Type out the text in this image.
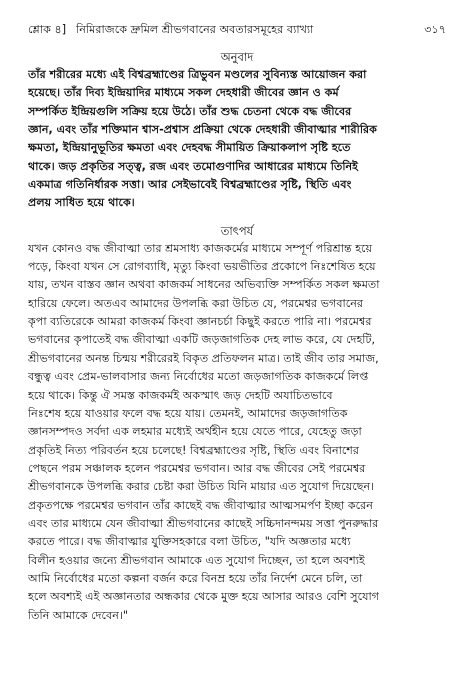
শ্লোক ৪] নিমিরাজকে দ্রুমিল শ্রীভগবানের অবতারসমূহের ব্যাখ্যা	৩১৭
অনুবাদ
তাঁর শরীরের মধ্যে এই বিশ্বব্রহ্মাণ্ডের ত্রিভুবন মণ্ডলের সুবিন্যস্ত আয়োজন করা
হয়েছে। তাঁর দিব্য ইন্দ্রিয়াদির মাধ্যমে সকল দেহধারী জীবের জ্ঞান ও কর্ম
সম্পর্কিত ইন্দ্রিয়গুলি সক্রিয় হয়ে উঠে। তাঁর শুদ্ধ চেতনা থেকে বদ্ধ জীবের
জ্ঞান, এবং তাঁর শক্তিমান শ্বাস-প্রশ্বাস প্রক্রিয়া থেকে দেহধারী জীবাত্মার শারীরিক
ক্ষমতা, ইন্দ্রিয়ানুভূতির ক্ষমতা এবং দেহবদ্ধ সীমায়িত ক্রিয়াকলাপ সৃষ্টি হতে
থাকে। জড় প্রকৃতির সত্ত্ব, রজ এবং তমোগুণাদির আধারের মাধ্যমে তিনিই
একমাত্র গতিনির্ধারক সত্তা। আর সেইভাবেই বিশ্বব্রহ্মাণ্ডের সৃষ্টি, স্থিতি এবং
প্রলয় সাধিত হয়ে থাকে।
তাৎপর্য
যখন কোনও বদ্ধ জীবাত্মা তার শ্রমসাধ্য কাজকর্মের মাধ্যমে সম্পূর্ণ পরিশ্রান্ত হয়ে
পড়ে, কিংবা যখন সে রোগব্যাধি, মৃত্যু কিংবা ভয়ভীতির প্রকোপে নিঃশেষিত হয়ে
যায়, তখন বাস্তব জ্ঞান অথবা কাজকর্ম সাধনের অভিব্যক্তি সম্পর্কিত সকল ক্ষমতা
হারিয়ে ফেলে। অতএব আমাদের উপলব্ধি করা উচিত যে, পরমেশ্বর ভগবানের
কৃপা ব্যতিরেকে আমরা কাজকর্ম কিংবা জ্ঞানচর্চা কিছুই করতে পারি না। পরমেশ্বর
ভগবানের কৃপাতেই বদ্ধ জীবাত্মা একটি জড়জাগতিক দেহ লাভ করে, যে দেহটি,
শ্রীভগবানের অনন্ত চিন্ময় শরীরেরই বিকৃত প্রতিফলন মাত্র। তাই জীব তার সমাজ,
বন্ধুত্ব এবং প্রেম-ভালবাসার জন্য নির্বোধের মতো জড়জাগতিক কাজকর্মে লিপ্ত
হয়ে থাকে। কিন্তু ঐ সমস্ত কাজকর্মই অকস্মাৎ জড় দেহটি অযাচিতভাবে
নিঃশেষ হয়ে যাওয়ার ফলে বদ্ধ হয়ে যায়। তেমনই, আমাদের জড়জাগতিক
জ্ঞানসম্পদও সর্বদা এক লহমার মধ্যেই অর্থহীন হয়ে যেতে পারে, যেহেতু জড়া
প্রকৃতিই নিত্য পরিবর্তন হয়ে চলেছে! বিশ্বব্রহ্মাণ্ডের সৃষ্টি, স্থিতি এবং বিনাশের
পেছনে পরম সঞ্চালক হলেন পরমেশ্বর ভগবান। আর বদ্ধ জীবের সেই পরমেশ্বর
শ্রীভগবানকে উপলব্ধি করার চেষ্টা করা উচিত যিনি মায়ার এত সুযোগ দিয়েছেন।
প্রকৃতপক্ষে পরমেশ্বর ভগবান তাঁর কাছেই বদ্ধ জীবাত্মার আত্মসমর্পণ ইচ্ছা করেন
এবং তার মাধ্যমে যেন জীবাত্মা শ্রীভগবানের কাছেই সচ্চিদানন্দময় সত্তা পুনরুদ্ধার
করতে পারে। বদ্ধ জীবাত্মার যুক্তিসহকারে বলা উচিত, "যদি অজ্ঞতার মধ্যে
বিলীন হওয়ার জন্যে শ্রীভগবান আমাকে এত সুযোগ দিচ্ছেন, তা হলে অবশ্যই
আমি নির্বোধের মতো কল্পনা বর্জন করে বিনম্র হয়ে তাঁর নির্দেশ মেনে চলি, তা
হলে অবশ্যই এই অজ্ঞানতার অন্ধকার থেকে মুক্ত হয়ে আসার আরও বেশি সুযোগ
তিনি আমাকে দেবেন।"
